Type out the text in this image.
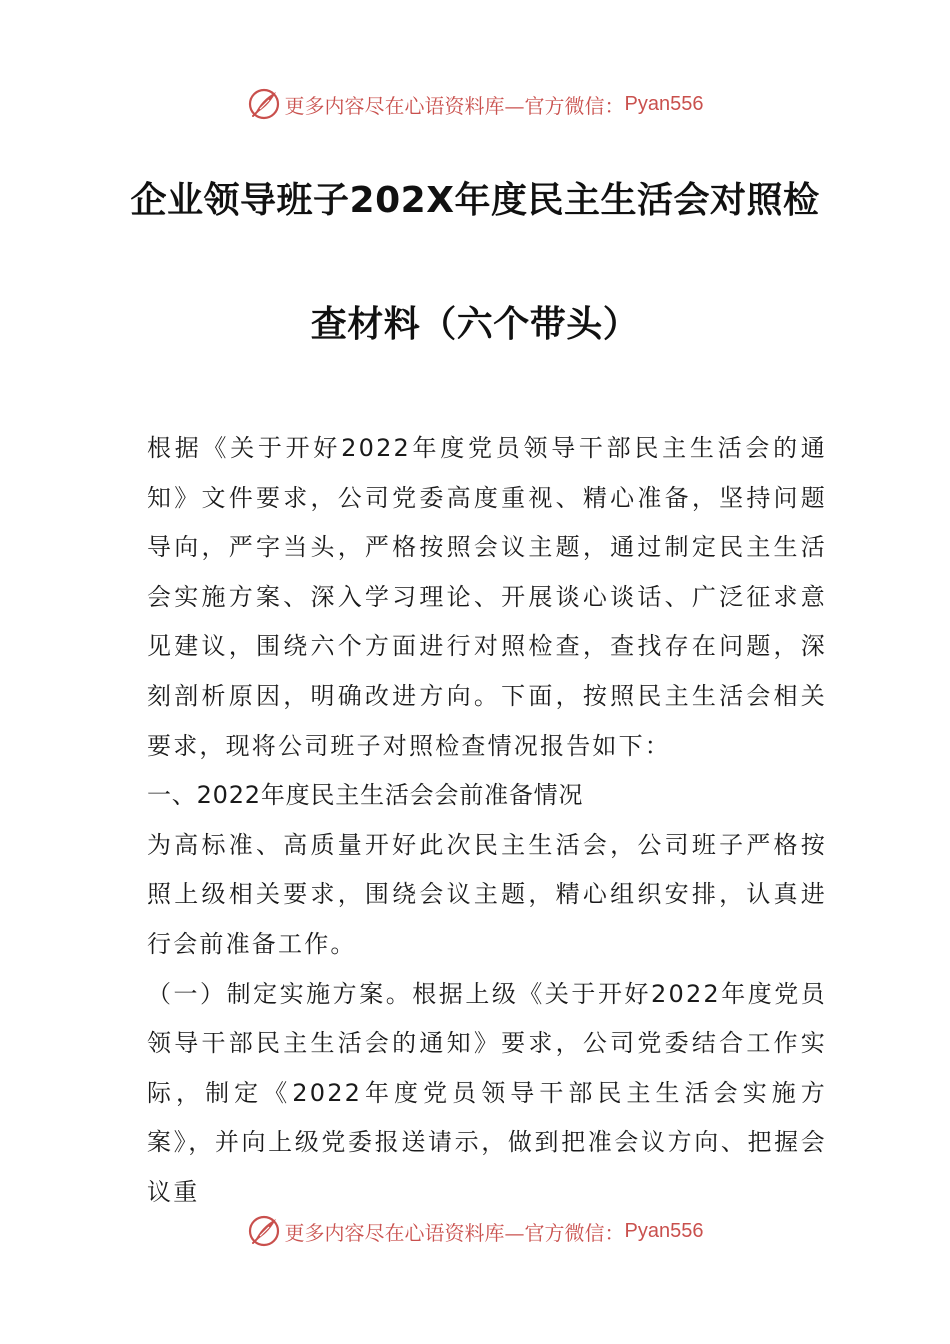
更多内容尽在心语资料库—官方微信： Pyan556
企业领导班子202X年度民主生活会对照检
查材料（六个带头）

根据《关于开好2022年度党员领导干部民主生活会的通知》文件要求，公司党委高度重视、精心准备，坚持问题导向，严字当头，严格按照会议主题，通过制定民主生活会实施方案、深入学习理论、开展谈心谈话、广泛征求意见建议，围绕六个方面进行对照检查，查找存在问题，深刻剖析原因，明确改进方向。下面，按照民主生活会相关要求，现将公司班子对照检查情况报告如下：

一、2022年度民主生活会会前准备情况

为高标准、高质量开好此次民主生活会，公司班子严格按照上级相关要求，围绕会议主题，精心组织安排，认真进行会前准备工作。

（一）制定实施方案。根据上级《关于开好2022年度党员领导干部民主生活会的通知》要求，公司党委结合工作实际，制定《2022年度党员领导干部民主生活会实施方案》，并向上级党委报送请示，做到把准会议方向、把握会议重

更多内容尽在心语资料库—官方微信： Pyan556
